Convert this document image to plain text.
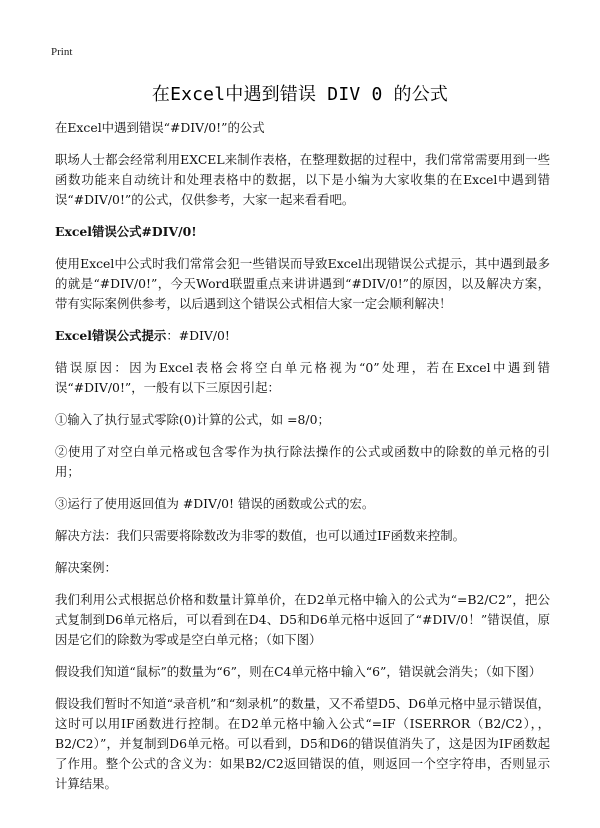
Print
在Excel中遇到错误 DIV 0 的公式

在Excel中遇到错误“#DIV/0!”的公式

职场人士都会经常利用EXCEL来制作表格，在整理数据的过程中，我们常常需要用到一些函数功能来自动统计和处理表格中的数据，以下是小编为大家收集的在Excel中遇到错误“#DIV/0!”的公式，仅供参考，大家一起来看看吧。

Excel错误公式#DIV/0!

使用Excel中公式时我们常常会犯一些错误而导致Excel出现错误公式提示，其中遇到最多的就是“#DIV/0!”，今天Word联盟重点来讲讲遇到“#DIV/0!”的原因，以及解决方案，带有实际案例供参考，以后遇到这个错误公式相信大家一定会顺利解决！

Excel错误公式提示：#DIV/0!

错误原因：因为Excel表格会将空白单元格视为“0”处理，若在Excel中遇到错误“#DIV/0!”，一般有以下三原因引起：

①输入了执行显式零除(0)计算的公式，如 =8/0；

②使用了对空白单元格或包含零作为执行除法操作的公式或函数中的除数的单元格的引用；

③运行了使用返回值为 #DIV/0! 错误的函数或公式的宏。

解决方法：我们只需要将除数改为非零的数值，也可以通过IF函数来控制。

解决案例：

我们利用公式根据总价格和数量计算单价，在D2单元格中输入的公式为“=B2/C2”，把公式复制到D6单元格后，可以看到在D4、D5和D6单元格中返回了“#DIV/0！”错误值，原因是它们的除数为零或是空白单元格；（如下图）

假设我们知道“鼠标”的数量为“6”，则在C4单元格中输入“6”，错误就会消失；（如下图）

假设我们暂时不知道“录音机”和“刻录机”的数量，又不希望D5、D6单元格中显示错误值，这时可以用IF函数进行控制。在D2单元格中输入公式“=IF（ISERROR（B2/C2），，B2/C2）”，并复制到D6单元格。可以看到，D5和D6的错误值消失了，这是因为IF函数起了作用。整个公式的含义为：如果B2/C2返回错误的值，则返回一个空字符串，否则显示计算结果。
